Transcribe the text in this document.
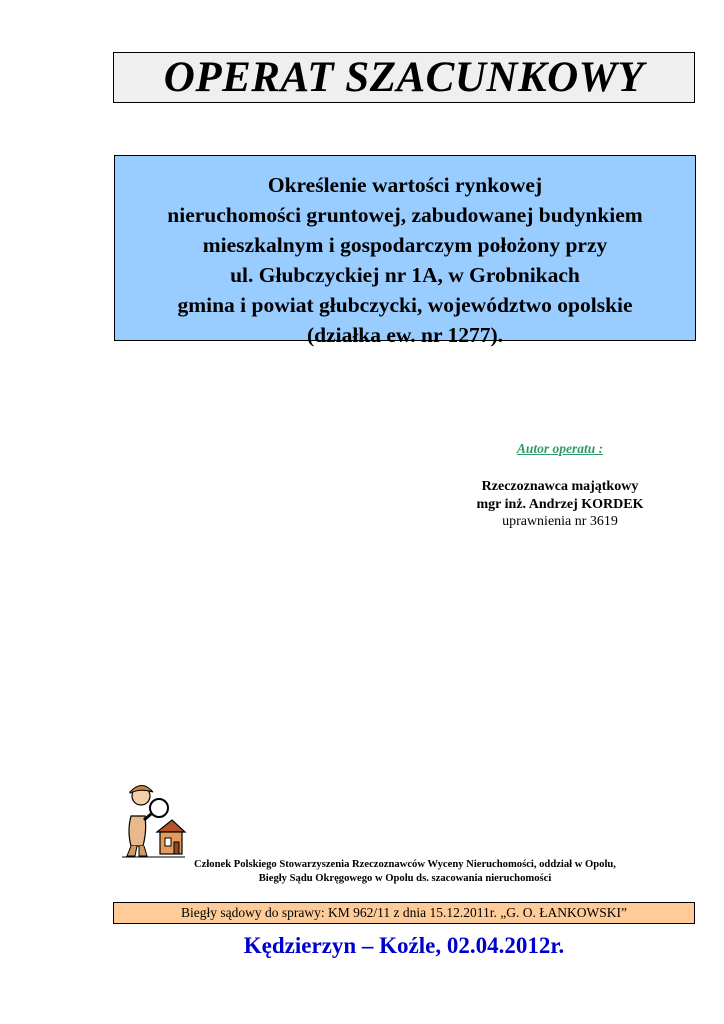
OPERAT SZACUNKOWY
Określenie wartości rynkowej
nieruchomości gruntowej, zabudowanej budynkiem
mieszkalnym i gospodarczym położony przy
ul. Głubczyckiej nr 1A, w Grobnikach
gmina i powiat głubczycki, województwo opolskie
(działka ew. nr 1277).
Autor operatu :
Rzeczoznawca majątkowy
mgr inż. Andrzej KORDEK
uprawnienia nr 3619
Członek Polskiego Stowarzyszenia Rzeczoznawców Wyceny Nieruchomości, oddział w Opolu,
Biegły Sądu Okręgowego w Opolu ds. szacowania nieruchomości
Biegły sądowy do sprawy: KM 962/11 z dnia 15.12.2011r. „G. O. ŁANKOWSKI”
Kędzierzyn – Koźle, 02.04.2012r.
